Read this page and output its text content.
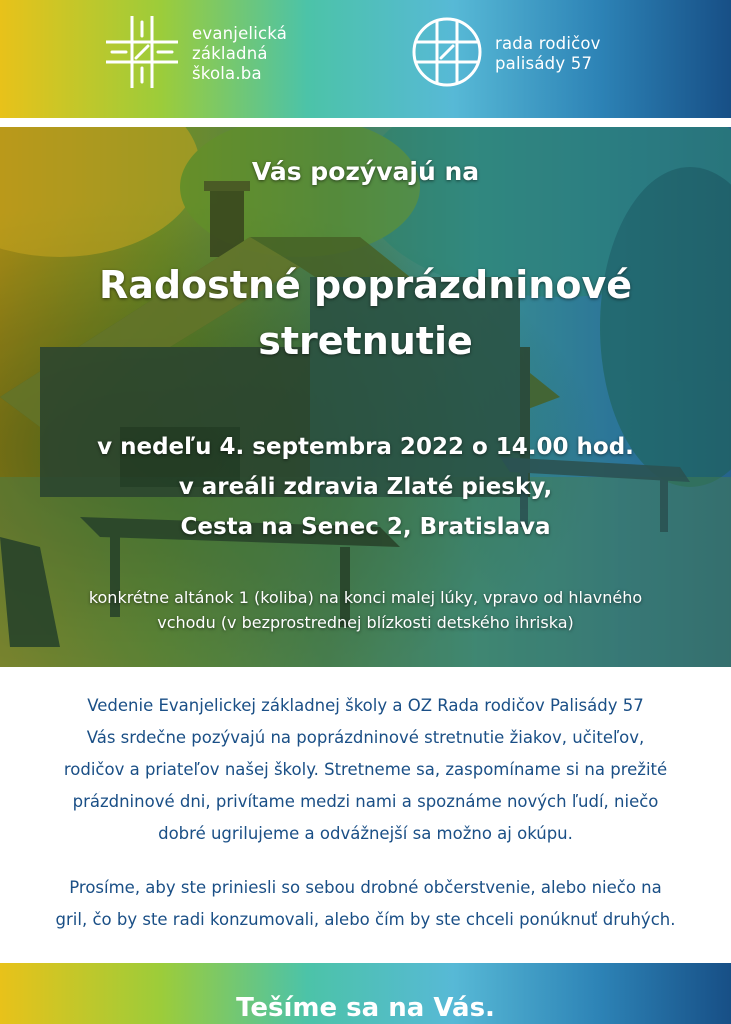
evanjelická
základná
škola.ba
rada rodičov
palisády 57
Vás pozývajú na
Radostné poprázdninové
stretnutie
v nedeľu 4. septembra 2022 o 14.00 hod.
v areáli zdravia Zlaté piesky,
Cesta na Senec 2, Bratislava
konkrétne altánok 1 (koliba) na konci malej lúky, vpravo od hlavného
vchodu (v bezprostrednej blízkosti detského ihriska)
Vedenie Evanjelickej základnej školy a OZ Rada rodičov Palisády 57
Vás srdečne pozývajú na poprázdninové stretnutie žiakov, učiteľov,
rodičov a priateľov našej školy. Stretneme sa, zaspomíname si na prežité
prázdninové dni, privítame medzi nami a spoznáme nových ľudí, niečo
dobré ugrilujeme a odvážnejší sa možno aj okúpu.
Prosíme, aby ste priniesli so sebou drobné občerstvenie, alebo niečo na
gril, čo by ste radi konzumovali, alebo čím by ste chceli ponúknuť druhých.
Tešíme sa na Vás.
